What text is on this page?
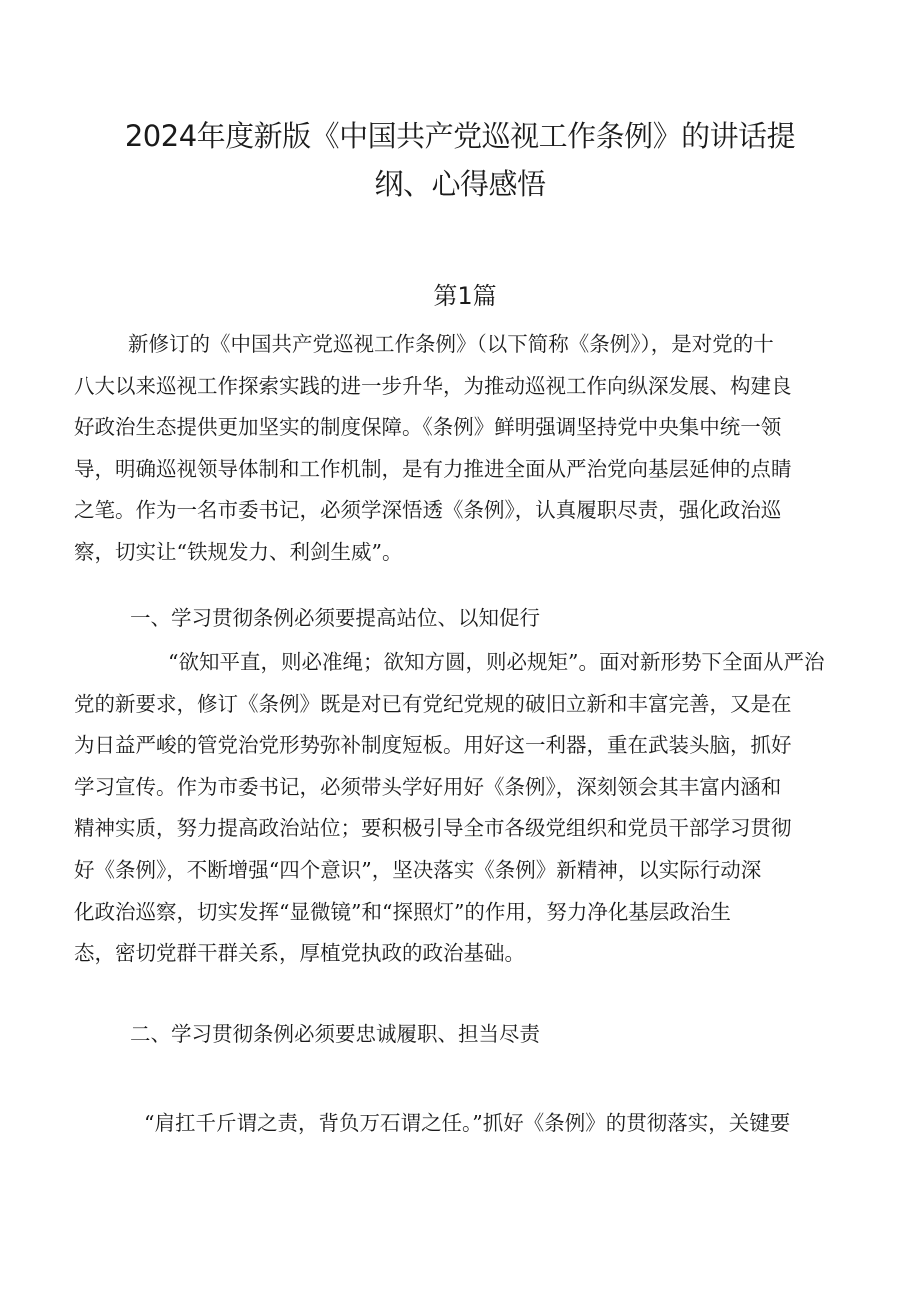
2024年度新版《中国共产党巡视工作条例》的讲话提
纲、心得感悟
第1篇
新修订的《中国共产党巡视工作条例》（以下简称《条例》），是对党的十
八大以来巡视工作探索实践的进一步升华，为推动巡视工作向纵深发展、构建良
好政治生态提供更加坚实的制度保障。《条例》鲜明强调坚持党中央集中统一领
导，明确巡视领导体制和工作机制，是有力推进全面从严治党向基层延伸的点睛
之笔。作为一名市委书记，必须学深悟透《条例》，认真履职尽责，强化政治巡
察，切实让“铁规发力、利剑生威”。
一、学习贯彻条例必须要提高站位、以知促行
“欲知平直，则必准绳；欲知方圆，则必规矩”。面对新形势下全面从严治
党的新要求，修订《条例》既是对已有党纪党规的破旧立新和丰富完善，又是在
为日益严峻的管党治党形势弥补制度短板。用好这一利器，重在武装头脑，抓好
学习宣传。作为市委书记，必须带头学好用好《条例》，深刻领会其丰富内涵和
精神实质，努力提高政治站位；要积极引导全市各级党组织和党员干部学习贯彻
好《条例》，不断增强“四个意识”，坚决落实《条例》新精神，以实际行动深
化政治巡察，切实发挥“显微镜”和“探照灯”的作用，努力净化基层政治生
态，密切党群干群关系，厚植党执政的政治基础。
二、学习贯彻条例必须要忠诚履职、担当尽责
“肩扛千斤谓之责，背负万石谓之任。”抓好《条例》的贯彻落实，关键要
